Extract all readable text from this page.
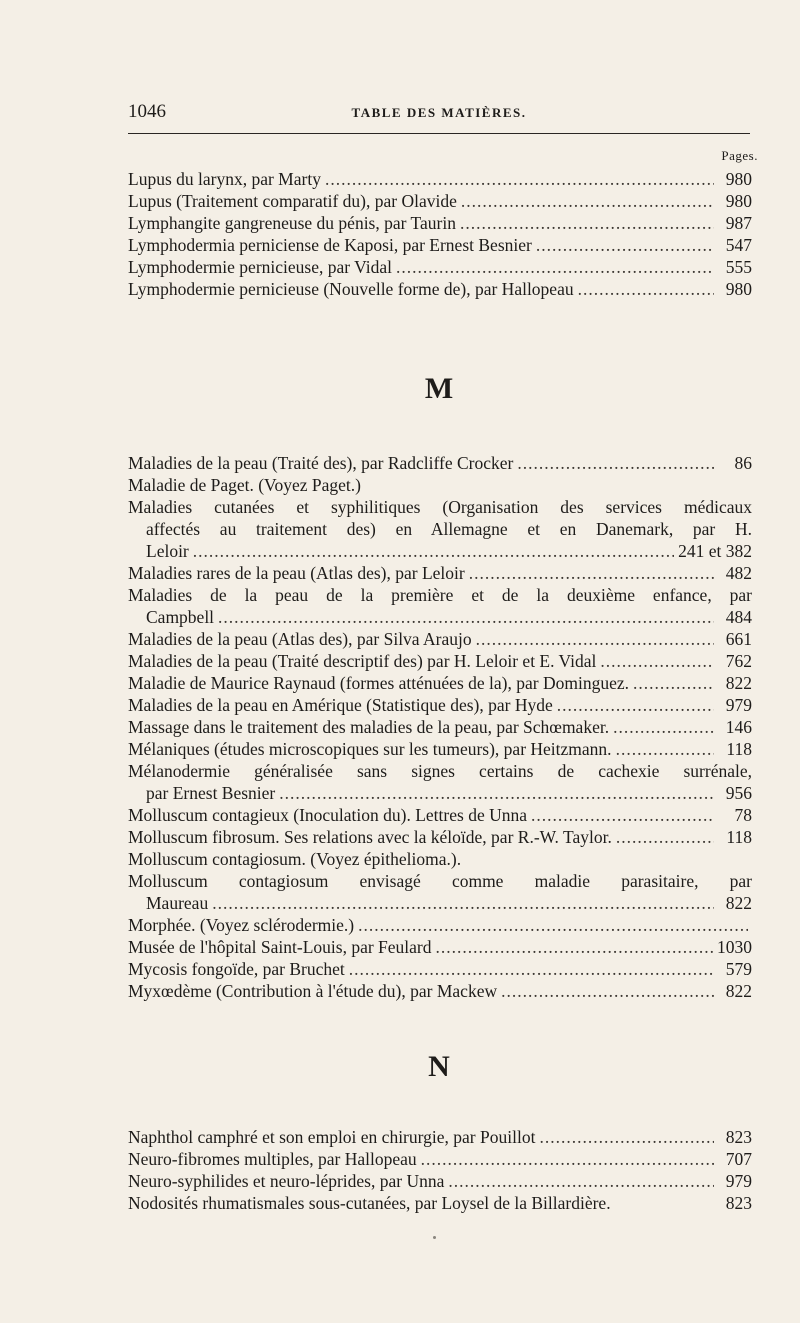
1046	TABLE DES MATIÈRES.
Pages.
Lupus du larynx, par Marty .....	980
Lupus (Traitement comparatif du), par Olavide .....	980
Lymphangite gangreneuse du pénis, par Taurin .....	987
Lymphodermia perniciense de Kaposi, par Ernest Besnier .....	547
Lymphodermie pernicieuse, par Vidal .....	555
Lymphodermie pernicieuse (Nouvelle forme de), par Hallopeau .....	980
M
Maladies de la peau (Traité des), par Radcliffe Crocker .....	86
Maladie de Paget. (Voyez Paget.)
Maladies cutanées et syphilitiques (Organisation des services médicaux
affectés au traitement des) en Allemagne et en Danemark, par H.
Leloir .....	241 et 382
Maladies rares de la peau (Atlas des), par Leloir .....	482
Maladies de la peau de la première et de la deuxième enfance, par
Campbell .....	484
Maladies de la peau (Atlas des), par Silva Araujo .....	661
Maladies de la peau (Traité descriptif des) par H. Leloir et E. Vidal .....	762
Maladie de Maurice Raynaud (formes atténuées de la), par Dominguez. .....	822
Maladies de la peau en Amérique (Statistique des), par Hyde .....	979
Massage dans le traitement des maladies de la peau, par Schœmaker. .....	146
Mélaniques (études microscopiques sur les tumeurs), par Heitzmann. .....	118
Mélanodermie généralisée sans signes certains de cachexie surrénale,
par Ernest Besnier .....	956
Molluscum contagieux (Inoculation du). Lettres de Unna .....	78
Molluscum fibrosum. Ses relations avec la kéloïde, par R.-W. Taylor. .....	118
Molluscum contagiosum. (Voyez épithelioma.).
Molluscum contagiosum envisagé comme maladie parasitaire, par
Maureau .....	822
Morphée. (Voyez sclérodermie.)
.....
Musée de l'hôpital Saint-Louis, par Feulard .....	1030
Mycosis fongoïde, par Bruchet .....	579
Myxœdème (Contribution à l'étude du), par Mackew .....	822
N
Naphthol camphré et son emploi en chirurgie, par Pouillot .....	823
Neuro-fibromes multiples, par Hallopeau .....	707
Neuro-syphilides et neuro-léprides, par Unna .....	979
Nodosités rhumatismales sous-cutanées, par Loysel de la Billardière.	823
